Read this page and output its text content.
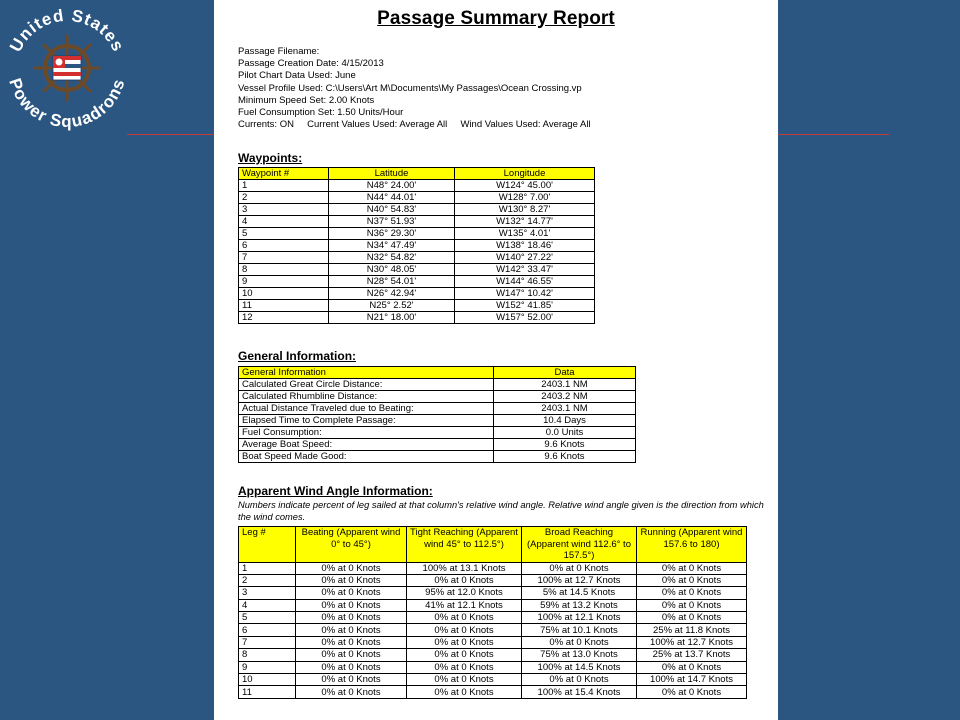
United States
Power Squadrons
Passage Summary Report
Passage Filename:
Passage Creation Date: 4/15/2013
Pilot Chart Data Used: June
Vessel Profile Used: C:\Users\Art M\Documents\My Passages\Ocean Crossing.vp
Minimum Speed Set: 2.00 Knots
Fuel Consumption Set: 1.50 Units/Hour
Currents: ON     Current Values Used: Average All     Wind Values Used: Average All
Waypoints:
Waypoint #	Latitude	Longitude
1	N48° 24.00'	W124° 45.00'
2	N44° 44.01'	W128° 7.00'
3	N40° 54.83'	W130° 8.27'
4	N37° 51.93'	W132° 14.77'
5	N36° 29.30'	W135° 4.01'
6	N34° 47.49'	W138° 18.46'
7	N32° 54.82'	W140° 27.22'
8	N30° 48.05'	W142° 33.47'
9	N28° 54.01'	W144° 46.55'
10	N26° 42.94'	W147° 10.42'
11	N25° 2.52'	W152° 41.85'
12	N21° 18.00'	W157° 52.00'
General Information:
General Information	Data
Calculated Great Circle Distance:	2403.1 NM
Calculated Rhumbline Distance:	2403.2 NM
Actual Distance Traveled due to Beating:	2403.1 NM
Elapsed Time to Complete Passage:	10.4 Days
Fuel Consumption:	0.0 Units
Average Boat Speed:	9.6 Knots
Boat Speed Made Good:	9.6 Knots
Apparent Wind Angle Information:
Numbers indicate percent of leg sailed at that column's relative wind angle. Relative wind angle given is the direction from which the wind comes.
Leg #	Beating (Apparent wind 0° to 45°)	Tight Reaching (Apparent wind 45° to 112.5°)	Broad Reaching (Apparent wind 112.6° to 157.5°)	Running (Apparent wind 157.6 to 180)
1	0% at 0 Knots	100% at 13.1 Knots	0% at 0 Knots	0% at 0 Knots
2	0% at 0 Knots	0% at 0 Knots	100% at 12.7 Knots	0% at 0 Knots
3	0% at 0 Knots	95% at 12.0 Knots	5% at 14.5 Knots	0% at 0 Knots
4	0% at 0 Knots	41% at 12.1 Knots	59% at 13.2 Knots	0% at 0 Knots
5	0% at 0 Knots	0% at 0 Knots	100% at 12.1 Knots	0% at 0 Knots
6	0% at 0 Knots	0% at 0 Knots	75% at 10.1 Knots	25% at 11.8 Knots
7	0% at 0 Knots	0% at 0 Knots	0% at 0 Knots	100% at 12.7 Knots
8	0% at 0 Knots	0% at 0 Knots	75% at 13.0 Knots	25% at 13.7 Knots
9	0% at 0 Knots	0% at 0 Knots	100% at 14.5 Knots	0% at 0 Knots
10	0% at 0 Knots	0% at 0 Knots	0% at 0 Knots	100% at 14.7 Knots
11	0% at 0 Knots	0% at 0 Knots	100% at 15.4 Knots	0% at 0 Knots
